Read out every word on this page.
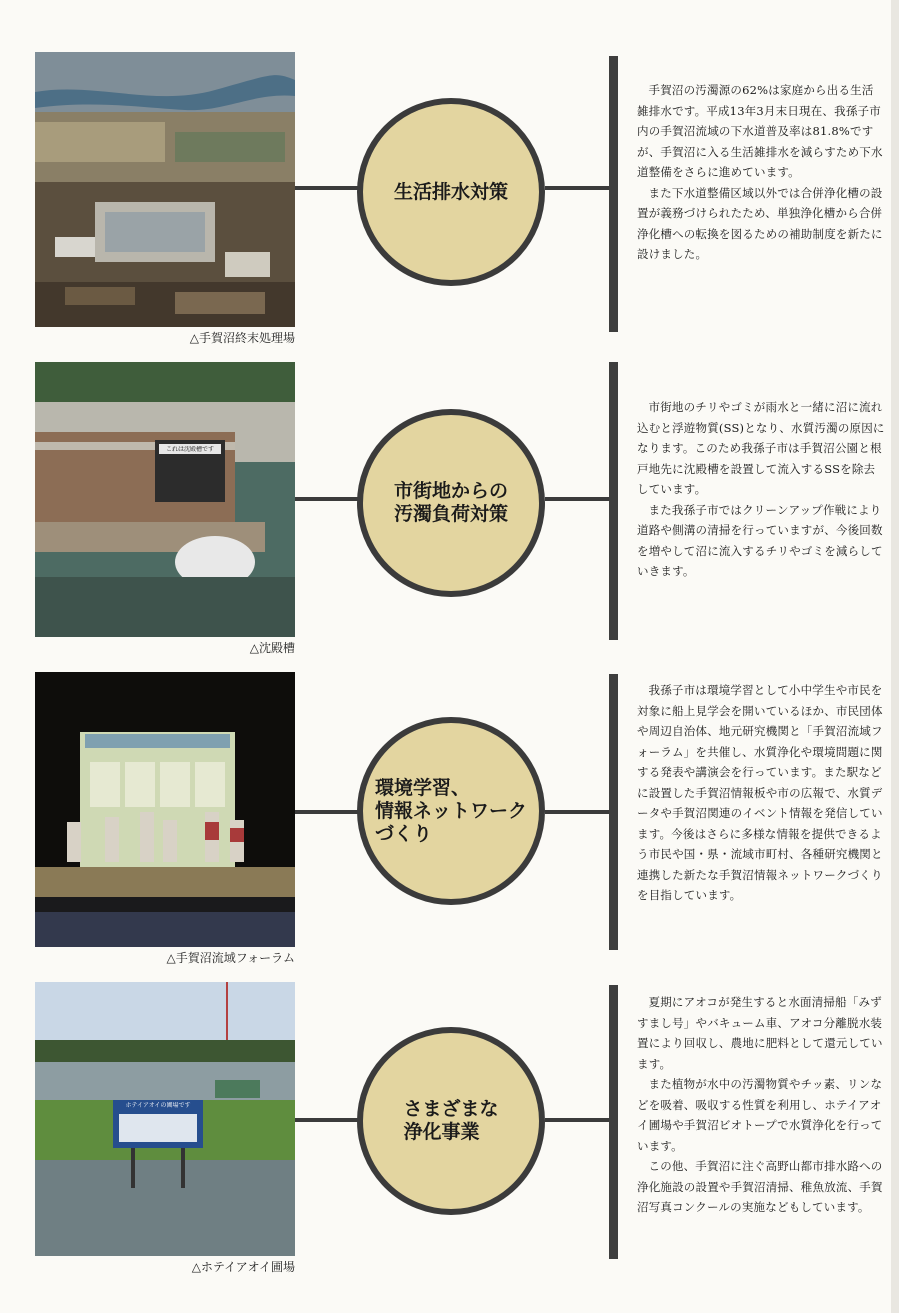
△手賀沼終末処理場
生活排水対策

手賀沼の汚濁源の62%は家庭から出る生活雑排水です。平成13年3月末日現在、我孫子市内の手賀沼流域の下水道普及率は81.8%ですが、手賀沼に入る生活雑排水を減らすため下水道整備をさらに進めています。

また下水道整備区域以外では合併浄化槽の設置が義務づけられたため、単独浄化槽から合併浄化槽への転換を図るための補助制度を新たに設けました。

これは沈殿槽です
△沈殿槽
市街地からの
汚濁負荷対策

市街地のチリやゴミが雨水と一緒に沼に流れ込むと浮遊物質(SS)となり、水質汚濁の原因になります。このため我孫子市は手賀沼公園と根戸地先に沈殿槽を設置して流入するSSを除去しています。

また我孫子市ではクリーンアップ作戦により道路や側溝の清掃を行っていますが、今後回数を増やして沼に流入するチリやゴミを減らしていきます。

△手賀沼流域フォーラム
環境学習、
情報ネットワーク
づくり

我孫子市は環境学習として小中学生や市民を対象に船上見学会を開いているほか、市民団体や周辺自治体、地元研究機関と「手賀沼流域フォーラム」を共催し、水質浄化や環境問題に関する発表や講演会を行っています。また駅などに設置した手賀沼情報板や市の広報で、水質データや手賀沼関連のイベント情報を発信しています。今後はさらに多様な情報を提供できるよう市民や国・県・流域市町村、各種研究機関と連携した新たな手賀沼情報ネットワークづくりを目指しています。

ホテイアオイの圃場です
△ホテイアオイ圃場
さまざまな
浄化事業

夏期にアオコが発生すると水面清掃船「みずすまし号」やバキューム車、アオコ分離脱水装置により回収し、農地に肥料として還元しています。

また植物が水中の汚濁物質やチッ素、リンなどを吸着、吸収する性質を利用し、ホテイアオイ圃場や手賀沼ビオトープで水質浄化を行っています。

この他、手賀沼に注ぐ高野山都市排水路への浄化施設の設置や手賀沼清掃、稚魚放流、手賀沼写真コンクールの実施などもしています。
